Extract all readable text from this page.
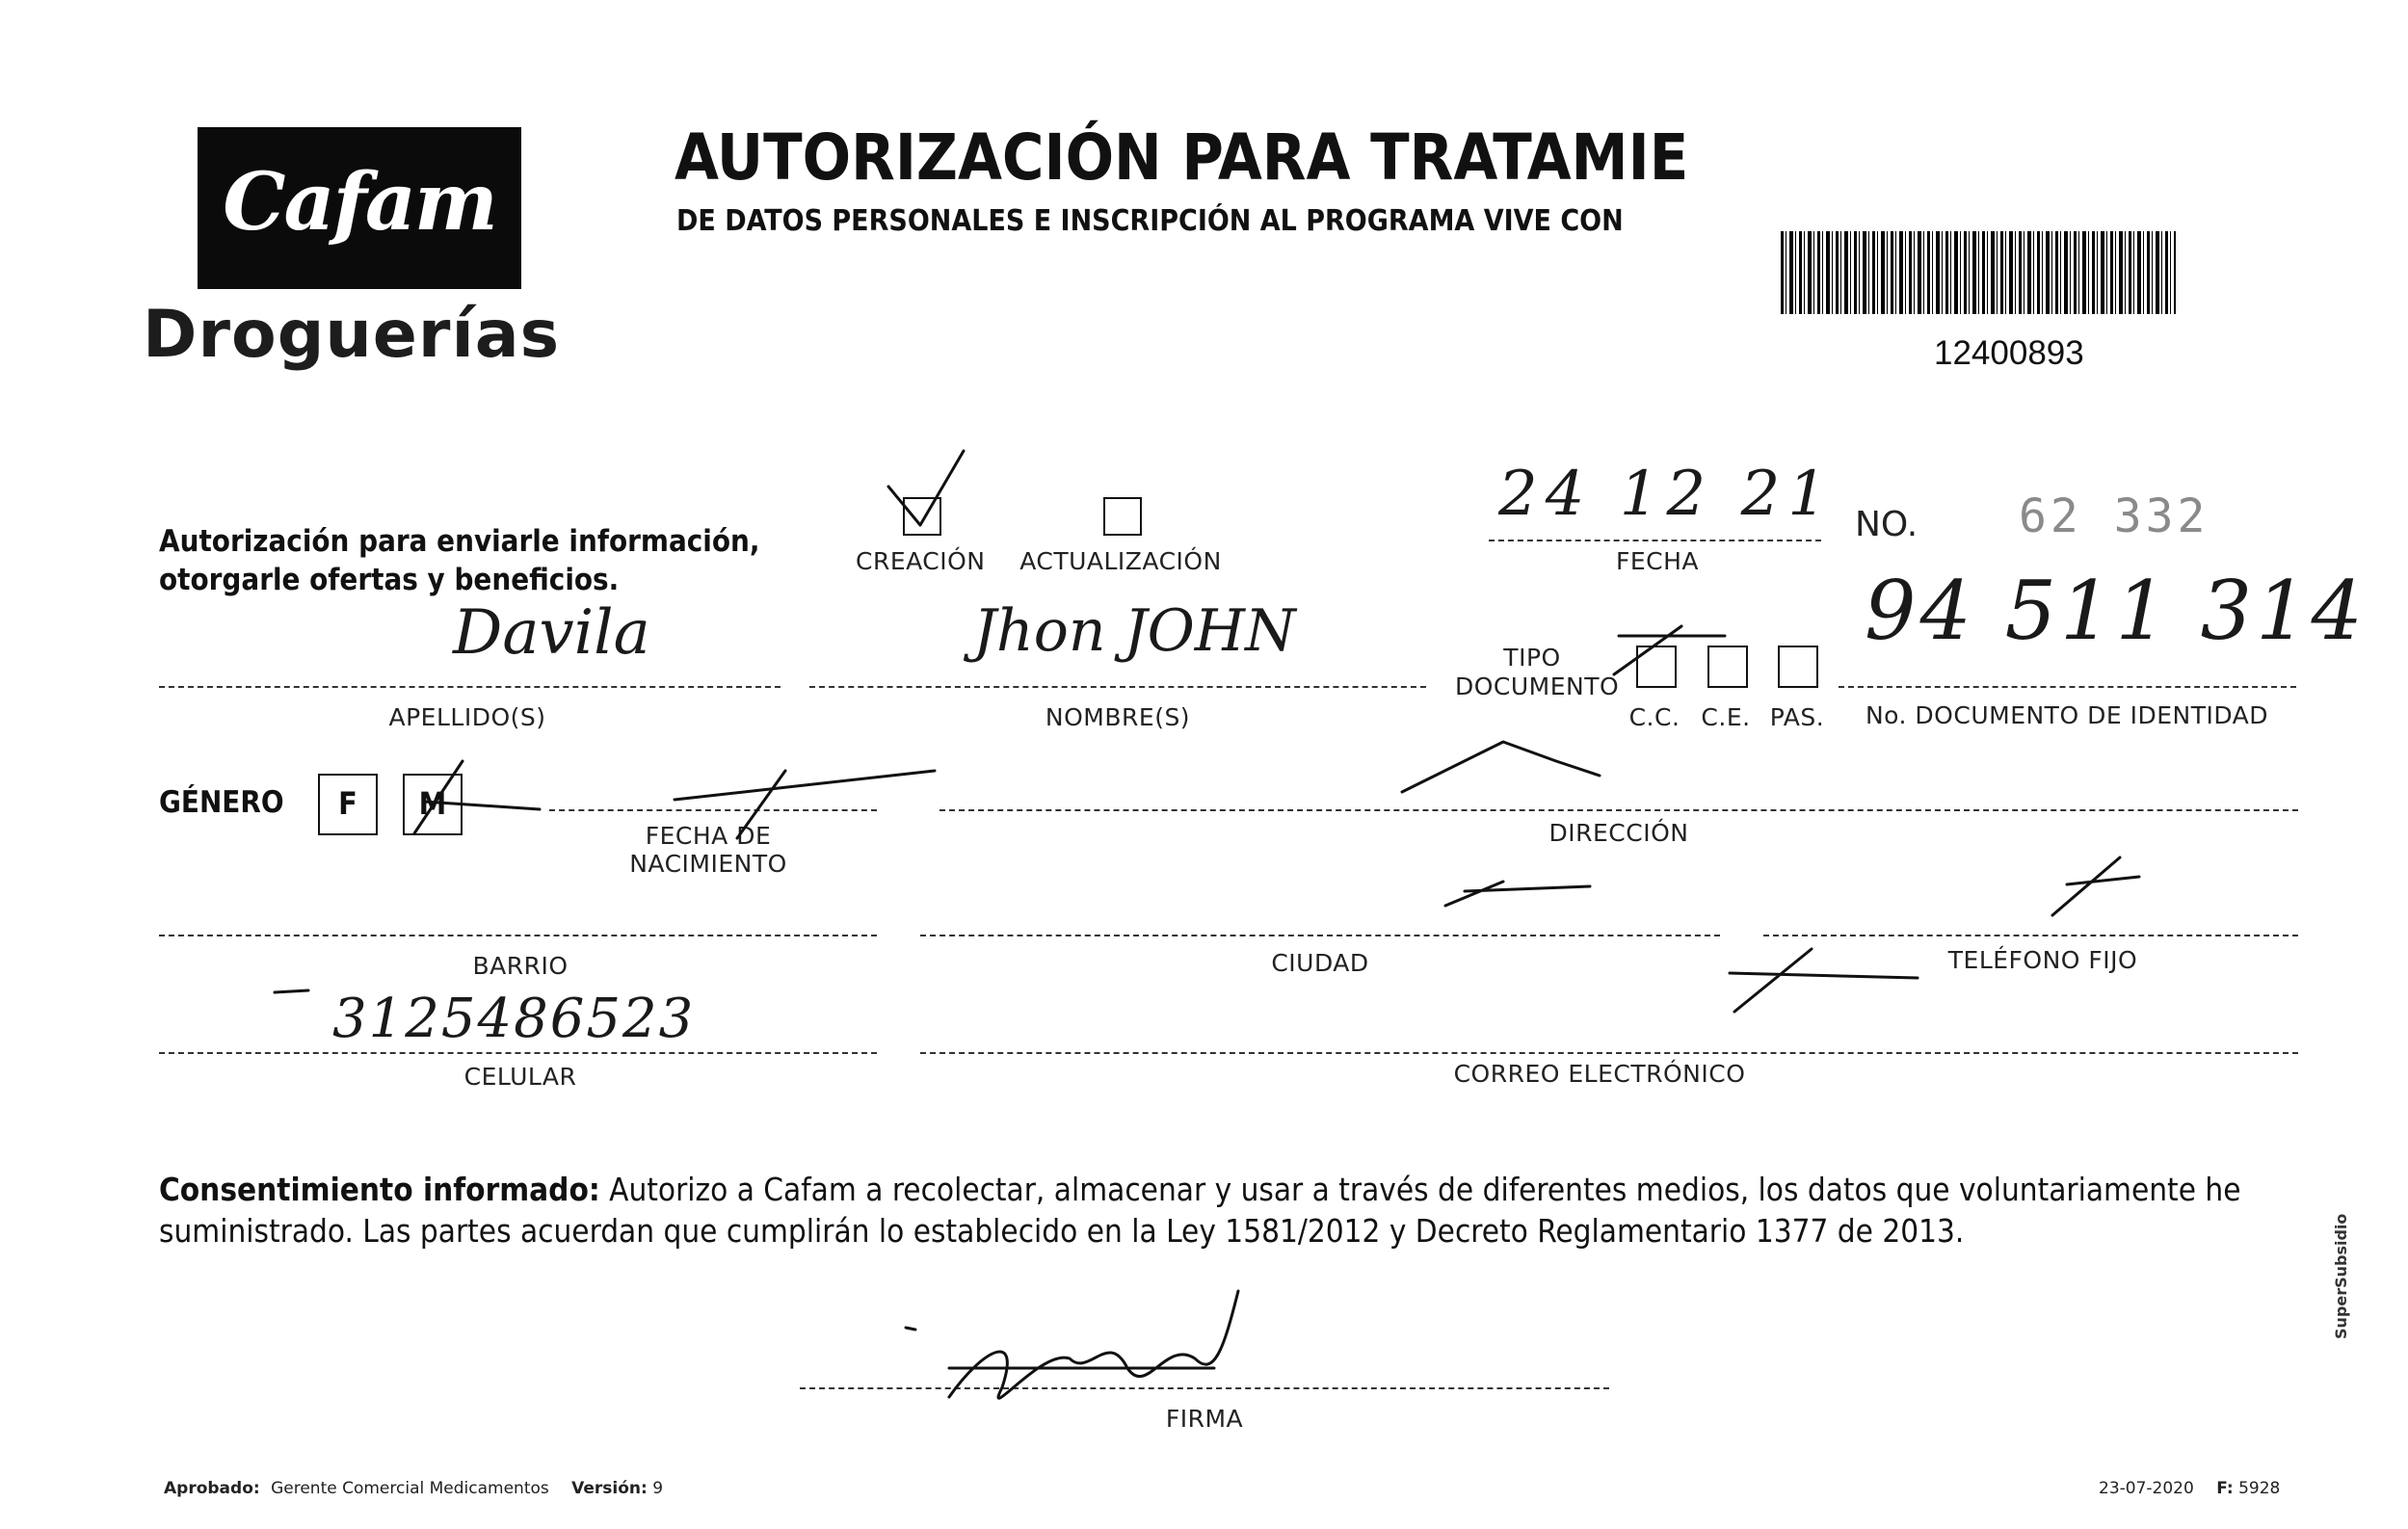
Cafam
Droguerías
AUTORIZACIÓN PARA TRATAMIE
DE DATOS PERSONALES E INSCRIPCIÓN AL PROGRAMA VIVE CON
12400893
Autorización para enviarle información, otorgarle ofertas y beneficios.
CREACIÓN ACTUALIZACIÓN
24 12 21
FECHA
NO. 62 332
Davila
APELLIDO(S)
Jhon JOHN
NOMBRE(S)
TIPO DOCUMENTO
C.C. C.E. PAS.
94 511 314
No. DOCUMENTO DE IDENTIDAD
GÉNERO	F	M
FECHA DE NACIMIENTO
DIRECCIÓN
BARRIO	CIUDAD	TELÉFONO FIJO
3125486523
CELULAR	CORREO ELECTRÓNICO
Consentimiento informado: Autorizo a Cafam a recolectar, almacenar y usar a través de diferentes medios, los datos que voluntariamente he
suministrado. Las partes acuerdan que cumplirán lo establecido en la Ley 1581/2012 y Decreto Reglamentario 1377 de 2013.
FIRMA
Aprobado: Gerente Comercial Medicamentos Versión: 9	23-07-2020 F: 5928
SuperSubsidio
